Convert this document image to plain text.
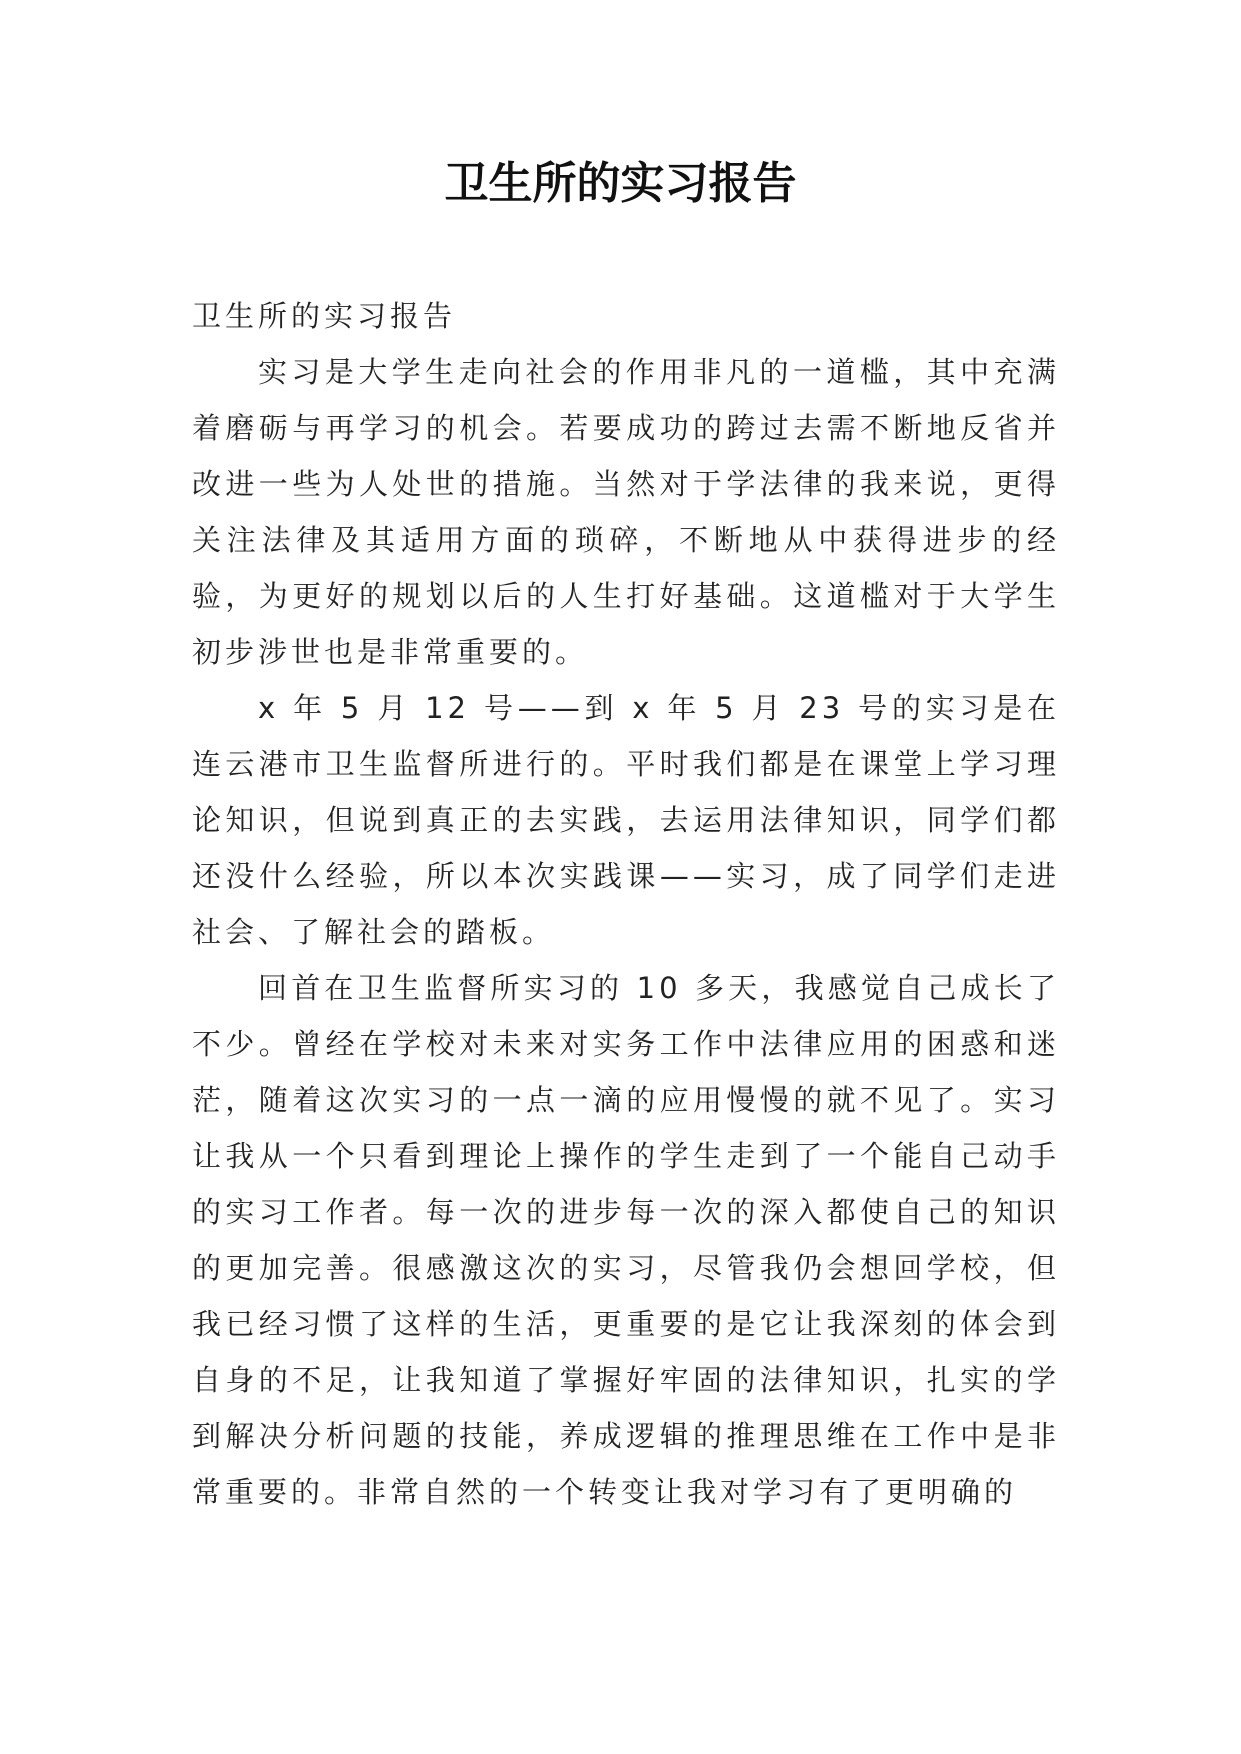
卫生所的实习报告

卫生所的实习报告

实习是大学生走向社会的作用非凡的一道槛，其中充满着磨砺与再学习的机会。若要成功的跨过去需不断地反省并改进一些为人处世的措施。当然对于学法律的我来说，更得关注法律及其适用方面的琐碎，不断地从中获得进步的经验，为更好的规划以后的人生打好基础。这道槛对于大学生初步涉世也是非常重要的。

x 年 5 月 12 号——到 x 年 5 月 23 号的实习是在连云港市卫生监督所进行的。平时我们都是在课堂上学习理论知识，但说到真正的去实践，去运用法律知识，同学们都还没什么经验，所以本次实践课——实习，成了同学们走进社会、了解社会的踏板。

回首在卫生监督所实习的 10 多天，我感觉自己成长了不少。曾经在学校对未来对实务工作中法律应用的困惑和迷茫，随着这次实习的一点一滴的应用慢慢的就不见了。实习让我从一个只看到理论上操作的学生走到了一个能自己动手的实习工作者。每一次的进步每一次的深入都使自己的知识的更加完善。很感激这次的实习，尽管我仍会想回学校，但我已经习惯了这样的生活，更重要的是它让我深刻的体会到自身的不足，让我知道了掌握好牢固的法律知识，扎实的学到解决分析问题的技能，养成逻辑的推理思维在工作中是非常重要的。非常自然的一个转变让我对学习有了更明确的
